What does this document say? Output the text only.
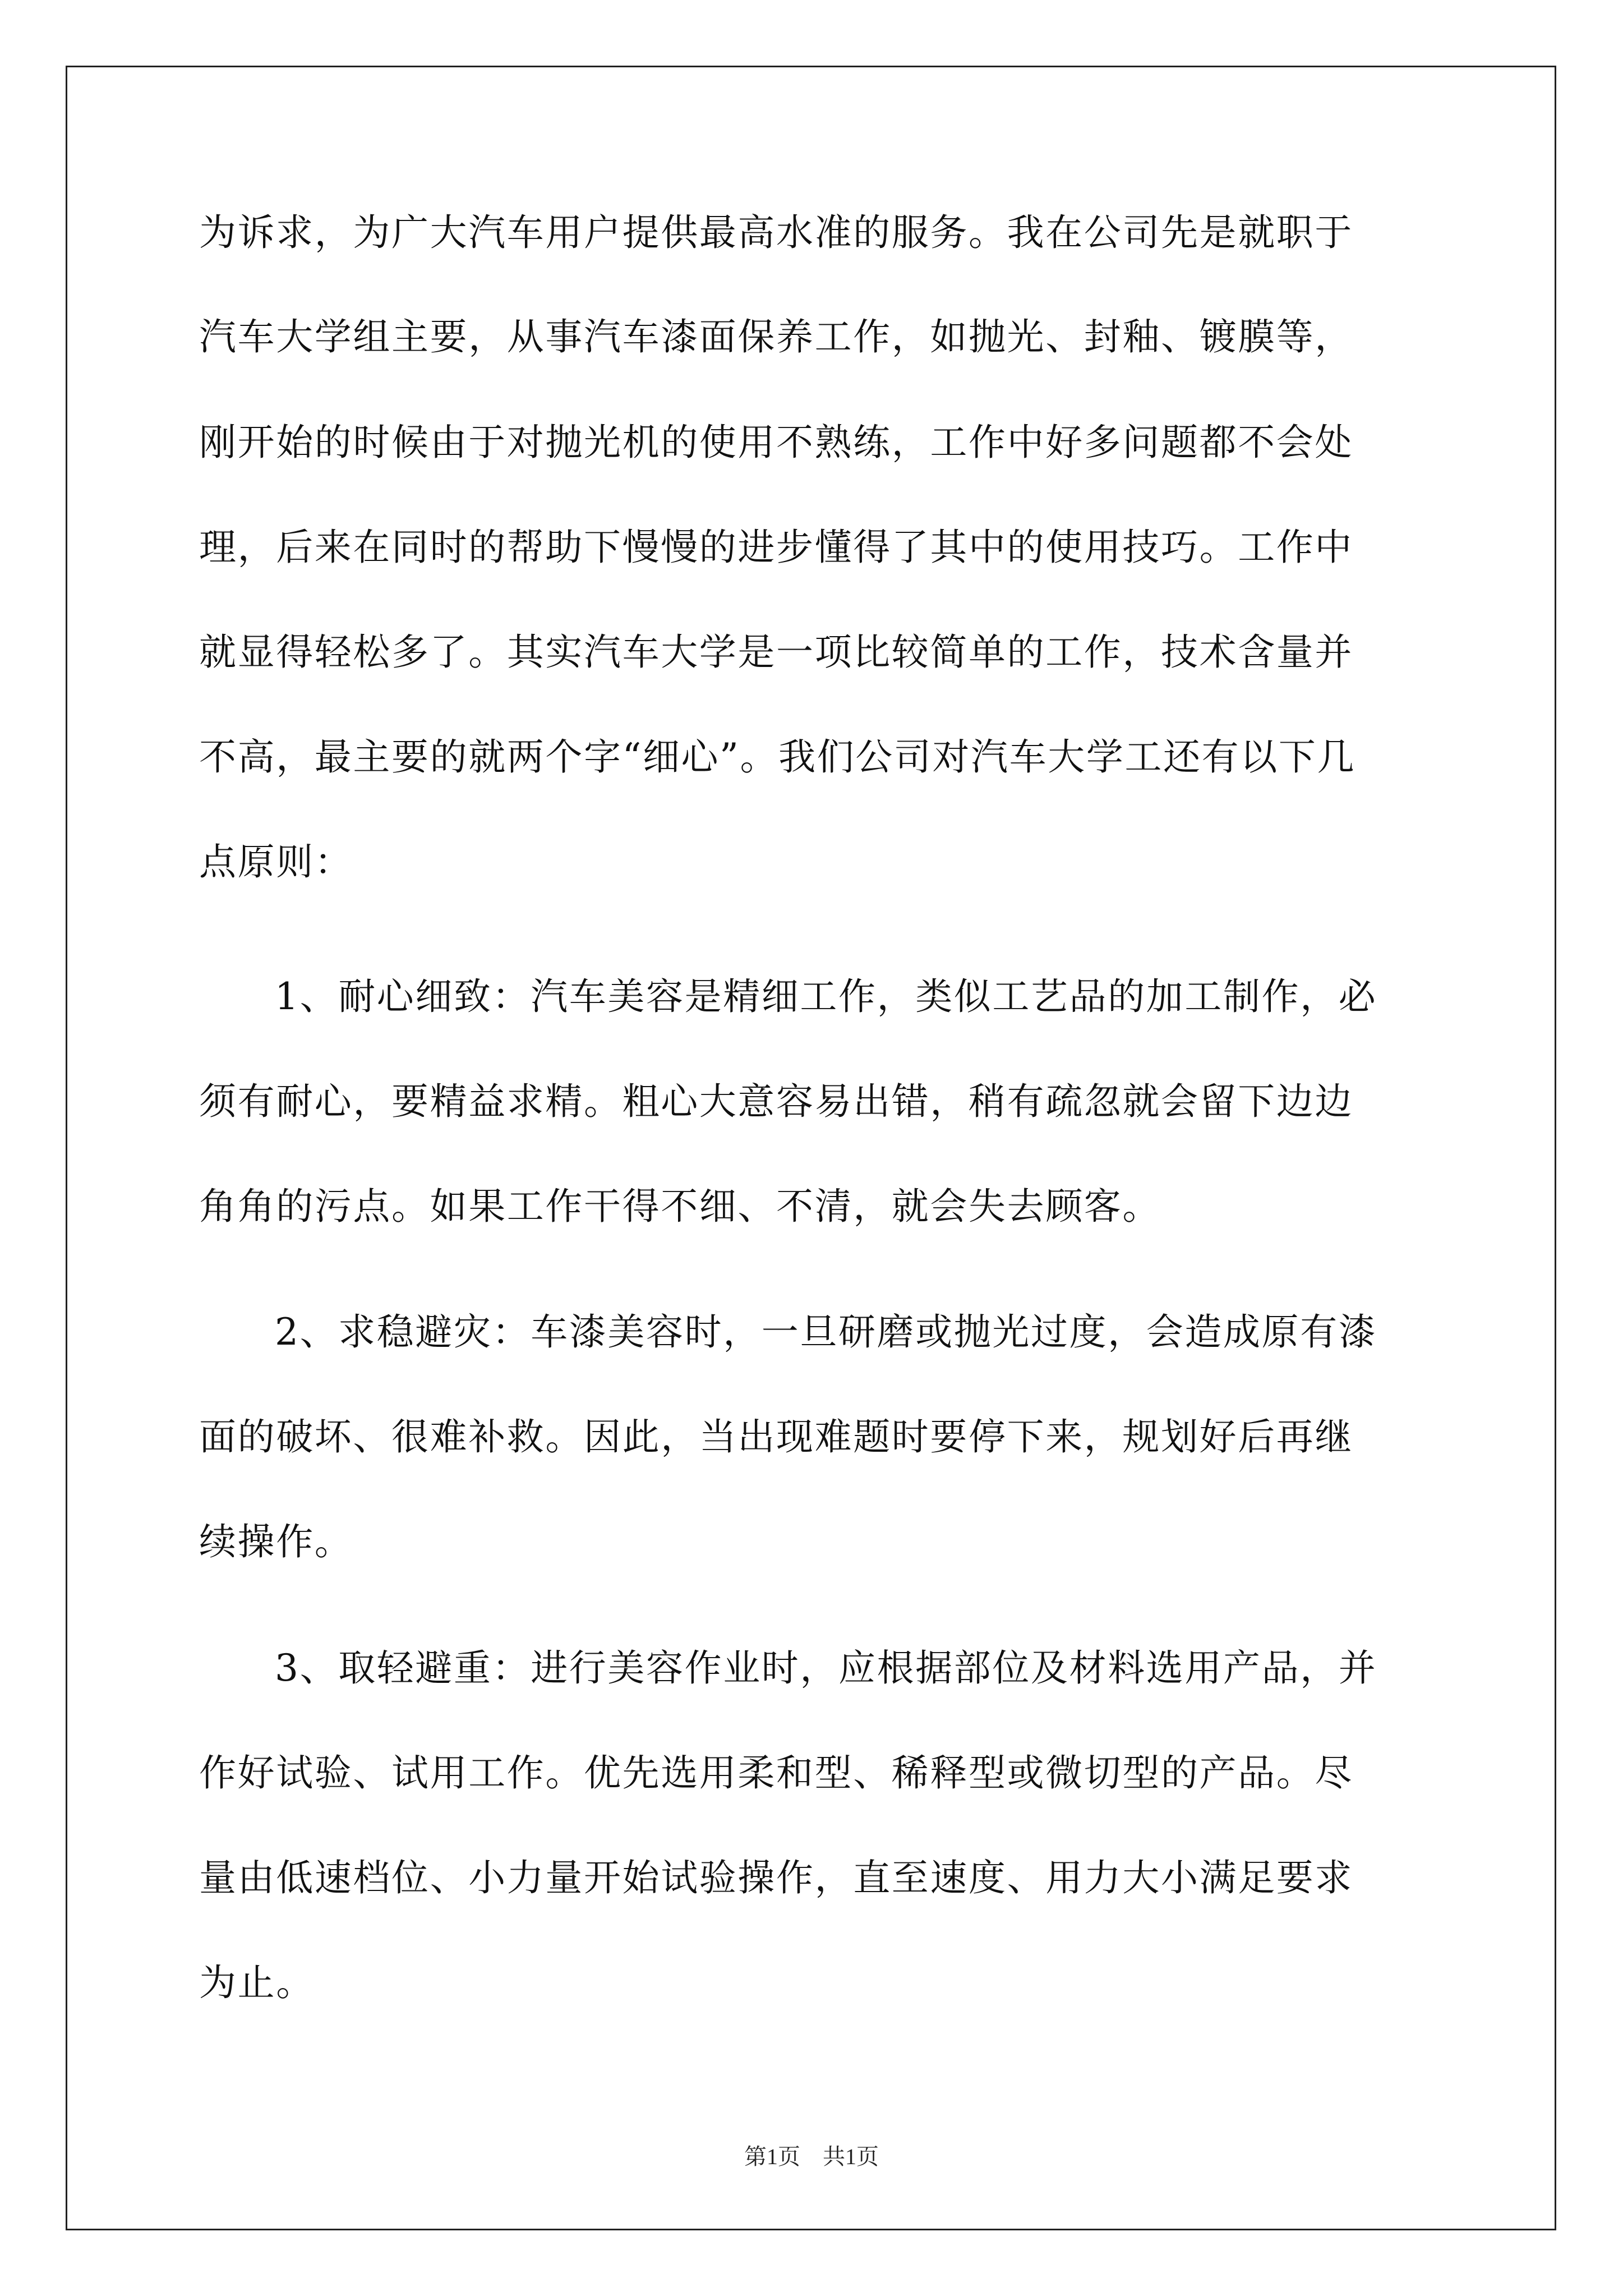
为诉求，为广大汽车用户提供最高水准的服务。我在公司先是就职于
汽车大学组主要，从事汽车漆面保养工作，如抛光、封釉、镀膜等，
刚开始的时候由于对抛光机的使用不熟练，工作中好多问题都不会处
理，后来在同时的帮助下慢慢的进步懂得了其中的使用技巧。工作中
就显得轻松多了。其实汽车大学是一项比较简单的工作，技术含量并
不高，最主要的就两个字“细心”。我们公司对汽车大学工还有以下几
点原则：
1、耐心细致：汽车美容是精细工作，类似工艺品的加工制作，必
须有耐心，要精益求精。粗心大意容易出错，稍有疏忽就会留下边边
角角的污点。如果工作干得不细、不清，就会失去顾客。
2、求稳避灾：车漆美容时，一旦研磨或抛光过度，会造成原有漆
面的破坏、很难补救。因此，当出现难题时要停下来，规划好后再继
续操作。
3、取轻避重：进行美容作业时，应根据部位及材料选用产品，并
作好试验、试用工作。优先选用柔和型、稀释型或微切型的产品。尽
量由低速档位、小力量开始试验操作，直至速度、用力大小满足要求
为止。
第1页　共1页
